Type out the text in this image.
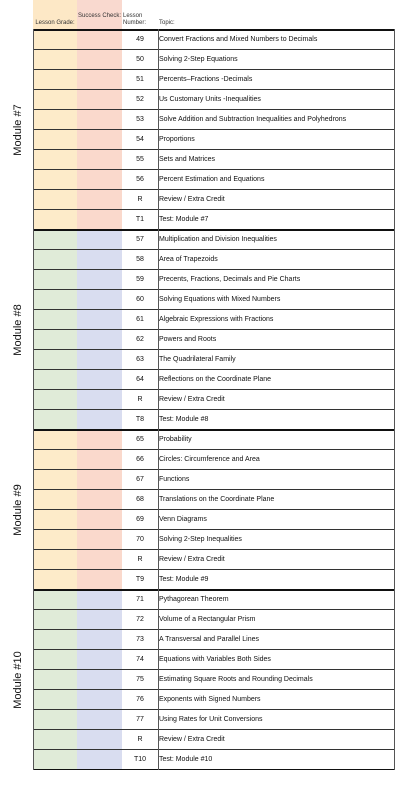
Lesson Grade:
Success Check: Lesson Number:	Topic:
Module #7
49	Convert Fractions and Mixed Numbers to Decimals
50	Solving 2-Step Equations
51	Percents–Fractions -Decimals
52	Us Customary Units -Inequalities
53	Solve Addition and Subtraction Inequalities and Polyhedrons
54	Proportions
55	Sets and Matrices
56	Percent Estimation and Equations
R	Review / Extra Credit
T1	Test: Module #7
Module #8
57	Multiplication and Division Inequalities
58	Area of Trapezoids
59	Precents, Fractions, Decimals and Pie Charts
60	Solving Equations with Mixed Numbers
61	Algebraic Expressions with Fractions
62	Powers and Roots
63	The Quadrilateral Family
64	Reflections on the Coordinate Plane
R	Review / Extra Credit
T8	Test: Module #8
Module #9
65	Probability
66	Circles: Circumference and Area
67	Functions
68	Translations on the Coordinate Plane
69	Venn Diagrams
70	Solving 2-Step Inequalities
R	Review / Extra Credit
T9	Test: Module #9
Module #10
71	Pythagorean Theorem
72	Volume of a Rectangular Prism
73	A Transversal and Parallel Lines
74	Equations with Variables Both Sides
75	Estimating Square Roots and Rounding Decimals
76	Exponents with Signed Numbers
77	Using Rates for Unit Conversions
R	Review / Extra Credit
T10	Test: Module #10
